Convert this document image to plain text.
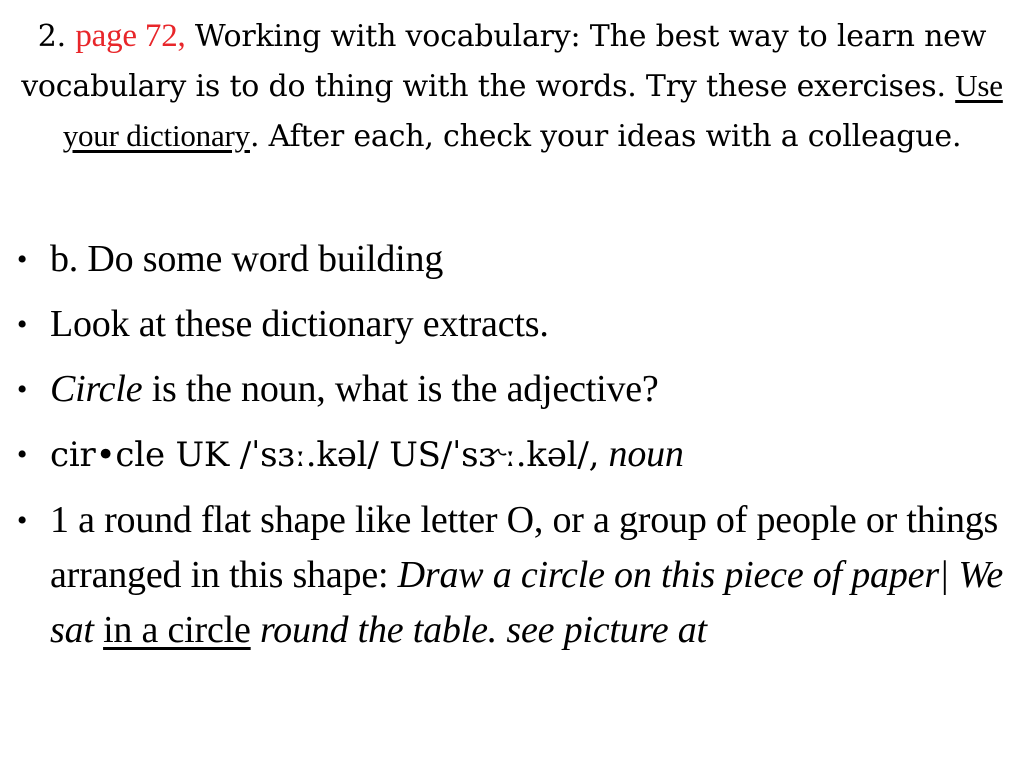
2. page 72, Working with vocabulary: The best way to learn new vocabulary is to do thing with the words. Try these exercises. Use your dictionary. After each, check your ideas with a colleague.
• b. Do some word building
• Look at these dictionary extracts.
• Circle is the noun, what is the adjective?
• cir•cle UK /ˈsɜː.kəl/ US/ˈsɝː.kəl/, noun
• 1 a round flat shape like letter O, or a group of people or things arranged in this shape: Draw a circle on this piece of paper| We sat in a circle round the table. see picture at
